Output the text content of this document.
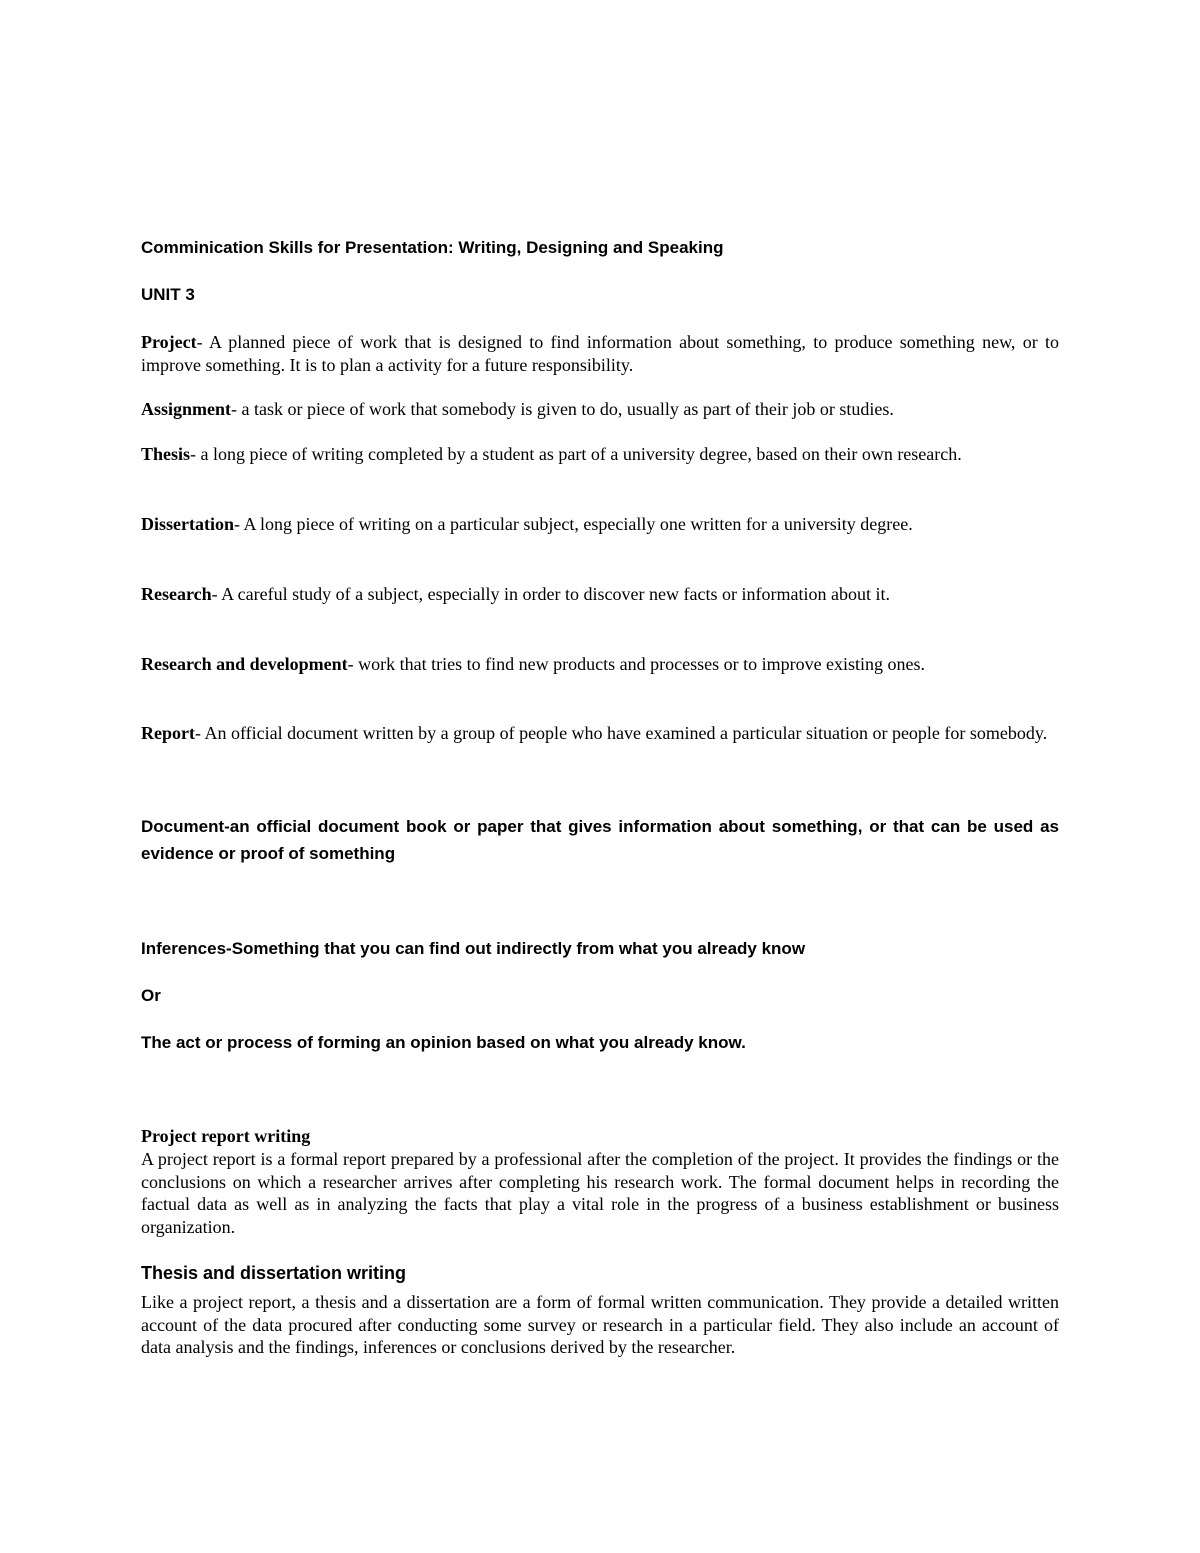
Comminication Skills for Presentation: Writing, Designing and Speaking

UNIT 3

Project- A planned piece of work that is designed to find information about something, to produce something new, or to improve something. It is to plan a activity for a future responsibility.

Assignment- a task or piece of work that somebody is given to do, usually as part of their job or studies.

Thesis- a long piece of writing completed by a student as part of a university degree, based on their own research.

Dissertation- A long piece of writing on a particular subject, especially one written for a university degree.

Research- A careful study of a subject, especially in order to discover new facts or information about it.

Research and development- work that tries to find new products and processes or to improve existing ones.

Report- An official document written by a group of people who have examined a particular situation or people for somebody.

Document-an official document book or paper that gives information about something, or that can be used as evidence or proof of something

Inferences-Something that you can find out indirectly from what you already know

Or

The act or process of forming an opinion based on what you already know.

Project report writing

A project report is a formal report prepared by a professional after the completion of the project. It provides the findings or the conclusions on which a researcher arrives after completing his research work. The formal document helps in recording the factual data as well as in analyzing the facts that play a vital role in the progress of a business establishment or business organization.

Thesis and dissertation writing

Like a project report, a thesis and a dissertation are a form of formal written communication. They provide a detailed written account of the data procured after conducting some survey or research in a particular field. They also include an account of data analysis and the findings, inferences or conclusions derived by the researcher.
